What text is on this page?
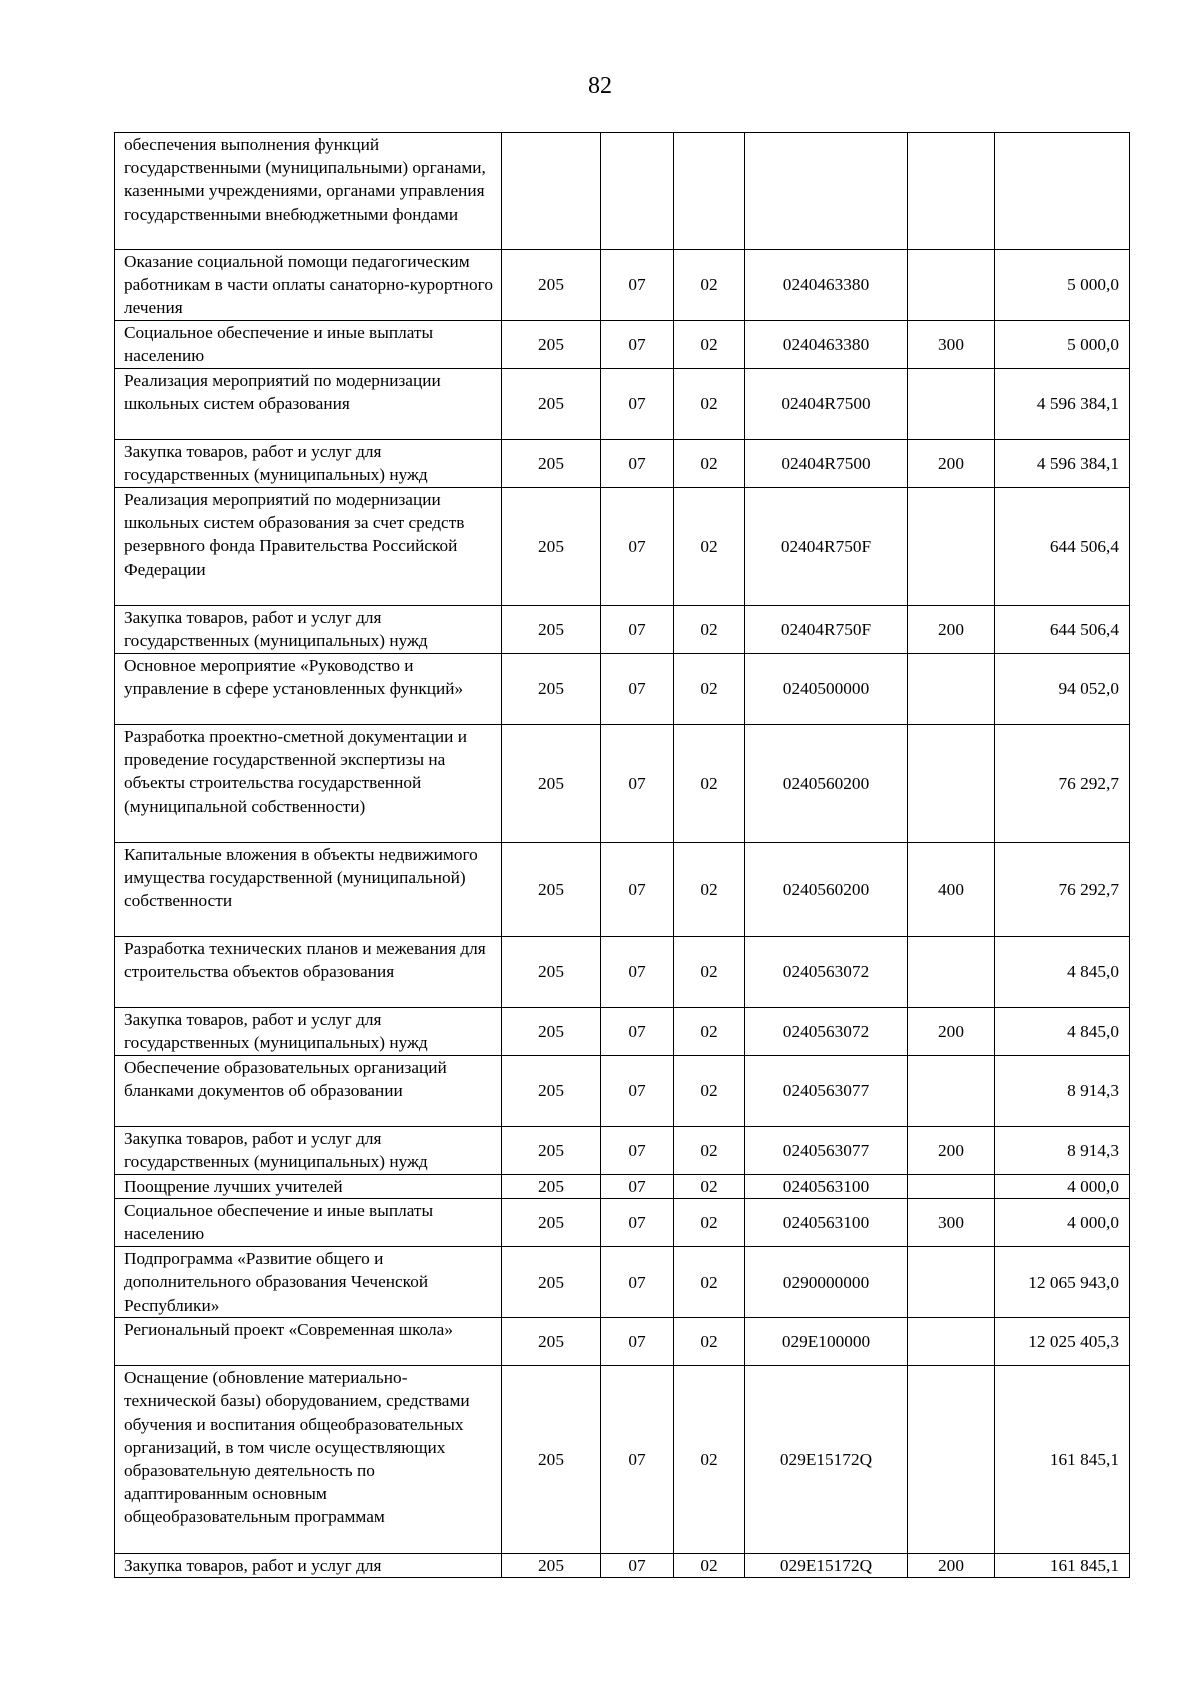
82
обеспечения выполнения функций государственными (муниципальными) органами, казенными учреждениями, органами управления государственными внебюджетными фондами						
Оказание социальной помощи педагогическим работникам в части оплаты санаторно-курортного лечения	205	07	02	0240463380		5 000,0
Социальное обеспечение и иные выплаты населению	205	07	02	0240463380	300	5 000,0
Реализация мероприятий по модернизации школьных систем образования	205	07	02	02404R7500		4 596 384,1
Закупка товаров, работ и услуг для государственных (муниципальных) нужд	205	07	02	02404R7500	200	4 596 384,1
Реализация мероприятий по модернизации школьных систем образования за счет средств резервного фонда Правительства Российской Федерации	205	07	02	02404R750F		644 506,4
Закупка товаров, работ и услуг для государственных (муниципальных) нужд	205	07	02	02404R750F	200	644 506,4
Основное мероприятие «Руководство и управление в сфере установленных функций»	205	07	02	0240500000		94 052,0
Разработка проектно-сметной документации и проведение государственной экспертизы на объекты строительства государственной (муниципальной собственности)	205	07	02	0240560200		76 292,7
Капитальные вложения в объекты недвижимого имущества государственной (муниципальной) собственности	205	07	02	0240560200	400	76 292,7
Разработка технических планов и межевания для строительства объектов образования	205	07	02	0240563072		4 845,0
Закупка товаров, работ и услуг для государственных (муниципальных) нужд	205	07	02	0240563072	200	4 845,0
Обеспечение образовательных организаций бланками документов об образовании	205	07	02	0240563077		8 914,3
Закупка товаров, работ и услуг для государственных (муниципальных) нужд	205	07	02	0240563077	200	8 914,3
Поощрение лучших учителей	205	07	02	0240563100		4 000,0
Социальное обеспечение и иные выплаты населению	205	07	02	0240563100	300	4 000,0
Подпрограмма «Развитие общего и дополнительного образования Чеченской Республики»	205	07	02	0290000000		12 065 943,0
Региональный проект «Современная школа»	205	07	02	029E100000		12 025 405,3
Оснащение (обновление материально-технической базы) оборудованием, средствами обучения и воспитания общеобразовательных организаций, в том числе осуществляющих образовательную деятельность по адаптированным основным общеобразовательным программам	205	07	02	029E15172Q		161 845,1
Закупка товаров, работ и услуг для	205	07	02	029E15172Q	200	161 845,1
